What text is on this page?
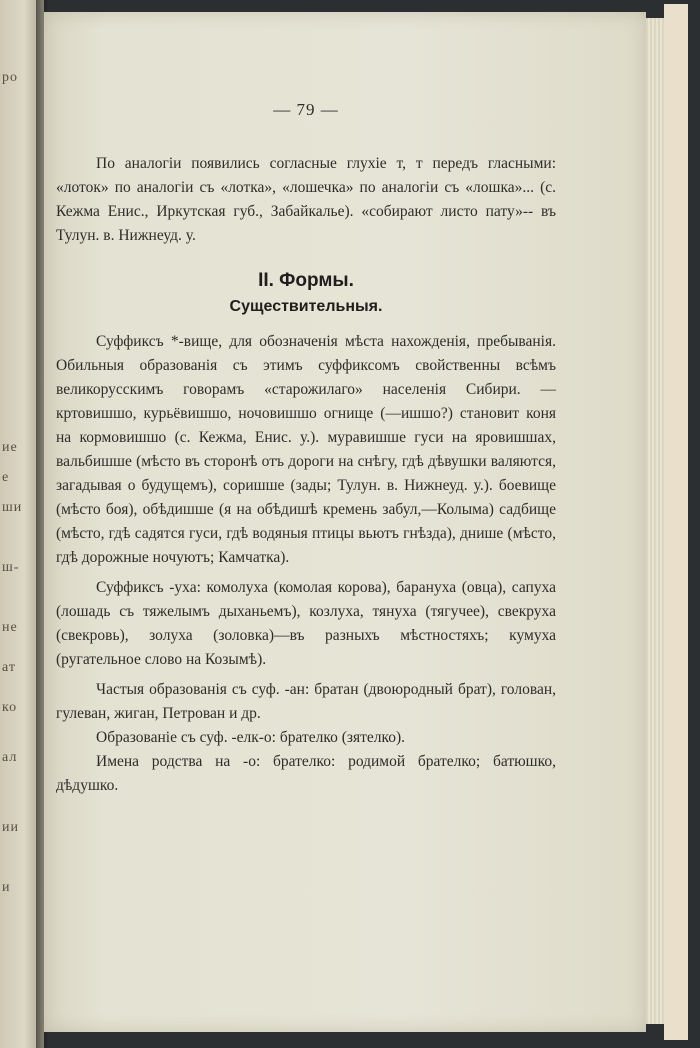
ро
ие
е
ши
ш-
не
ат
ко
ал
ии
и

— 79 —

По аналогіи появились согласные глухіе т, т передъ гласными: «лоток» по аналогіи съ «лотка», «лошечка» по аналогіи съ «лошка»... (с. Кежма Енис., Иркутская губ., Забайкалье). «собирают листо пату»-- въ Тулун. в. Нижнеуд. у.

II. Формы.
Существительныя.

Суффиксъ *-вище, для обозначенія мѣста нахожденія, пребыванія. Обильныя образованія съ этимъ суффиксомъ свойственны всѣмъ великорусскимъ говорамъ «старожилаго» населенія Сибири. — кртовишшо, курьёвишшо, ночовишшо огнище (—ишшо?) становит коня на кормовишшо (с. Кежма, Енис. у.). муравишше гуси на яровишшах, вальбишше (мѣсто въ сторонѣ отъ дороги на снѣгу, гдѣ дѣвушки валяются, загадывая о будущемъ), соришше (зады; Тулун. в. Нижнеуд. у.). боевище (мѣсто боя), обѣдишше (я на обѣдишѣ кремень забул,—Колыма) садбище (мѣсто, гдѣ садятся гуси, гдѣ водяныя птицы вьютъ гнѣзда), днише (мѣсто, гдѣ дорожные ночуютъ; Камчатка).

Суффиксъ -уха: комолуха (комолая корова), барануха (овца), сапуха (лошадь съ тяжелымъ дыханьемъ), козлуха, тянуха (тягучее), свекруха (свекровь), золуха (золовка)—въ разныхъ мѣстностяхъ; кумуха (ругательное слово на Козымѣ).

Частыя образованія съ суф. -ан: братан (двоюродный брат), голован, гулеван, жиган, Петрован и др.

Образованіе съ суф. -елк-о: брателко (зятелко).

Имена родства на -о: брателко: родимой брателко; батюшко, дѣдушко.
